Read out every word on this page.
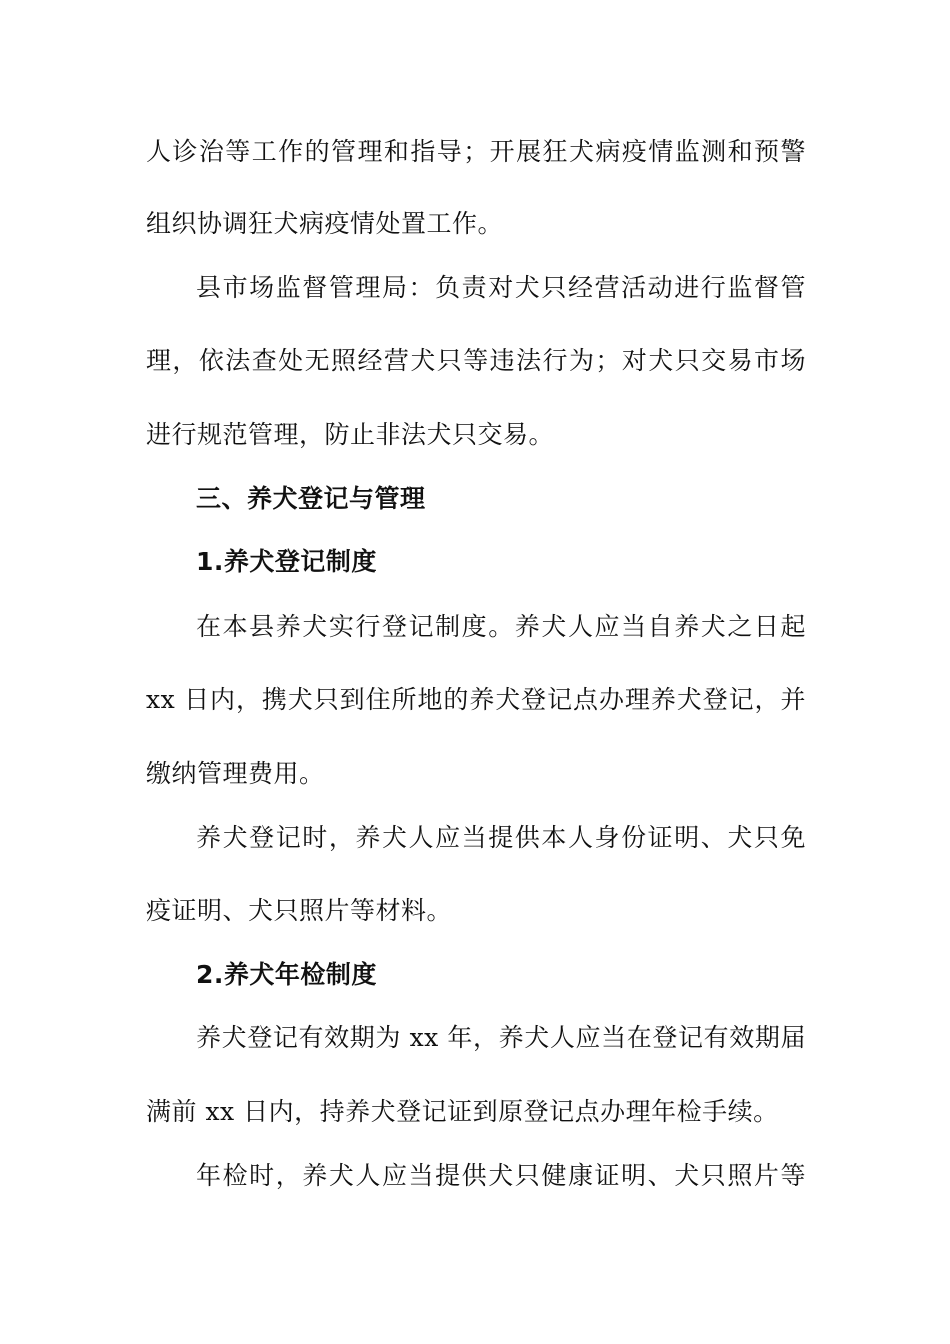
人诊治等工作的管理和指导；开展狂犬病疫情监测和预警
组织协调狂犬病疫情处置工作。
县市场监督管理局：负责对犬只经营活动进行监督管
理，依法查处无照经营犬只等违法行为；对犬只交易市场
进行规范管理，防止非法犬只交易。
三、养犬登记与管理
1.养犬登记制度
在本县养犬实行登记制度。养犬人应当自养犬之日起
xx 日内，携犬只到住所地的养犬登记点办理养犬登记，并
缴纳管理费用。
养犬登记时，养犬人应当提供本人身份证明、犬只免
疫证明、犬只照片等材料。
2.养犬年检制度
养犬登记有效期为 xx 年，养犬人应当在登记有效期届
满前 xx 日内，持养犬登记证到原登记点办理年检手续。
年检时，养犬人应当提供犬只健康证明、犬只照片等
